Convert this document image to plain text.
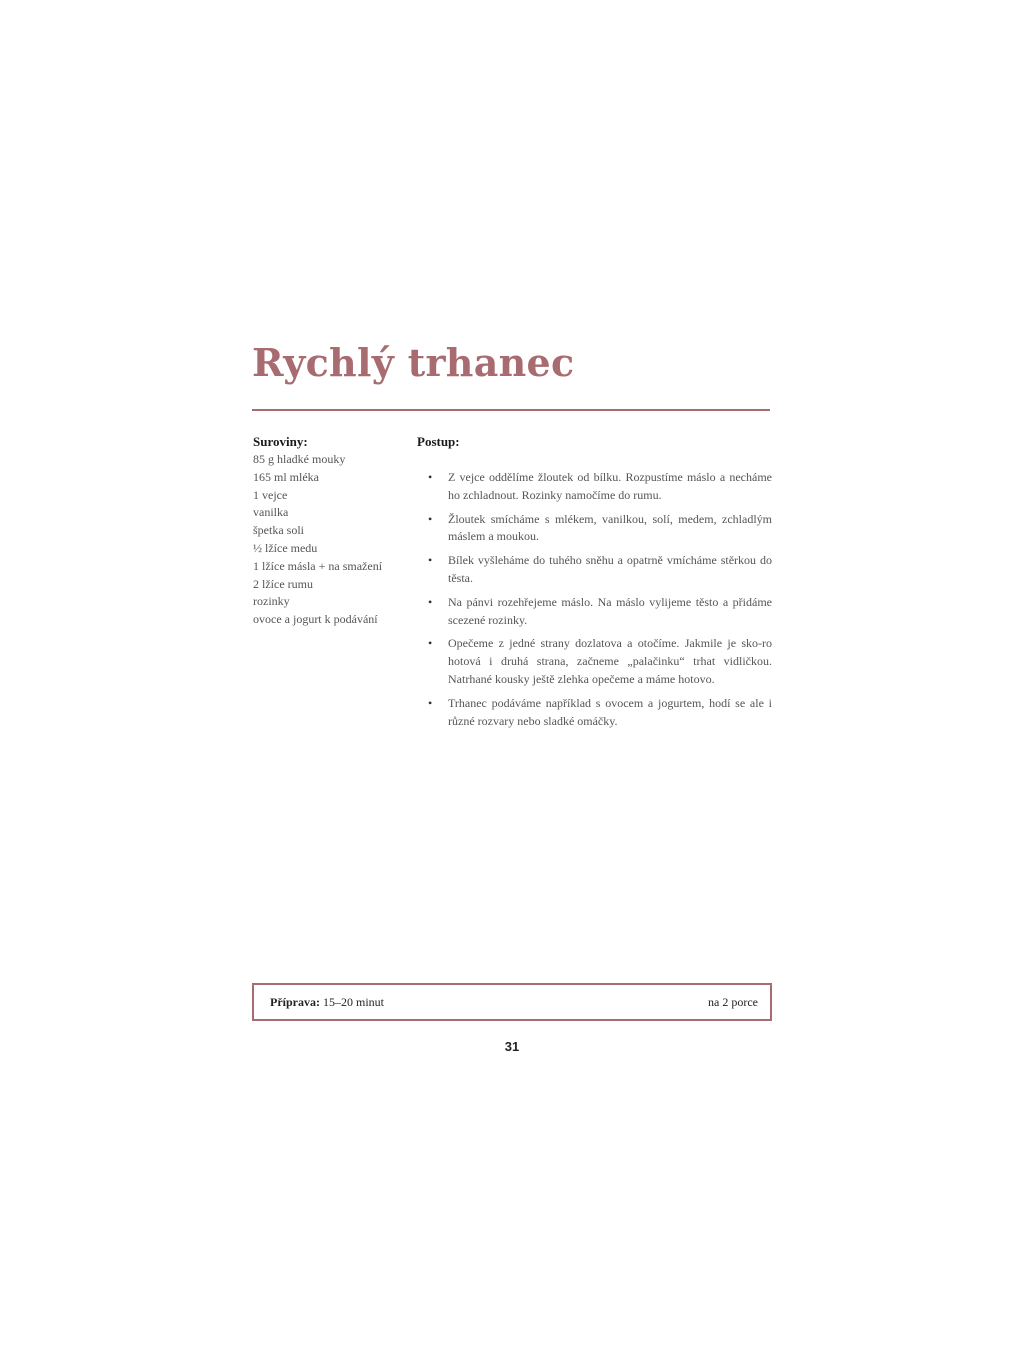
Rychlý trhanec
Suroviny:
85 g hladké mouky
165 ml mléka
1 vejce
vanilka
špetka soli
½ lžíce medu
1 lžíce másla + na smažení
2 lžíce rumu
rozinky
ovoce a jogurt k podávání
Postup:
• Z vejce oddělíme žloutek od bílku. Rozpustíme máslo a necháme ho zchladnout. Rozinky namočíme do rumu.
• Žloutek smícháme s mlékem, vanilkou, solí, medem, zchladlým máslem a moukou.
• Bílek vyšleháme do tuhého sněhu a opatrně vmícháme stěrkou do těsta.
• Na pánvi rozehřejeme máslo. Na máslo vylijeme těsto a přidáme scezené rozinky.
• Opečeme z jedné strany dozlatova a otočíme. Jakmile je sko-ro hotová i druhá strana, začneme „palačinku“ trhat vidličkou. Natrhané kousky ještě zlehka opečeme a máme hotovo.
• Trhanec podáváme například s ovocem a jogurtem, hodí se ale i různé rozvary nebo sladké omáčky.
Příprava: 15–20 minut	na 2 porce
31
